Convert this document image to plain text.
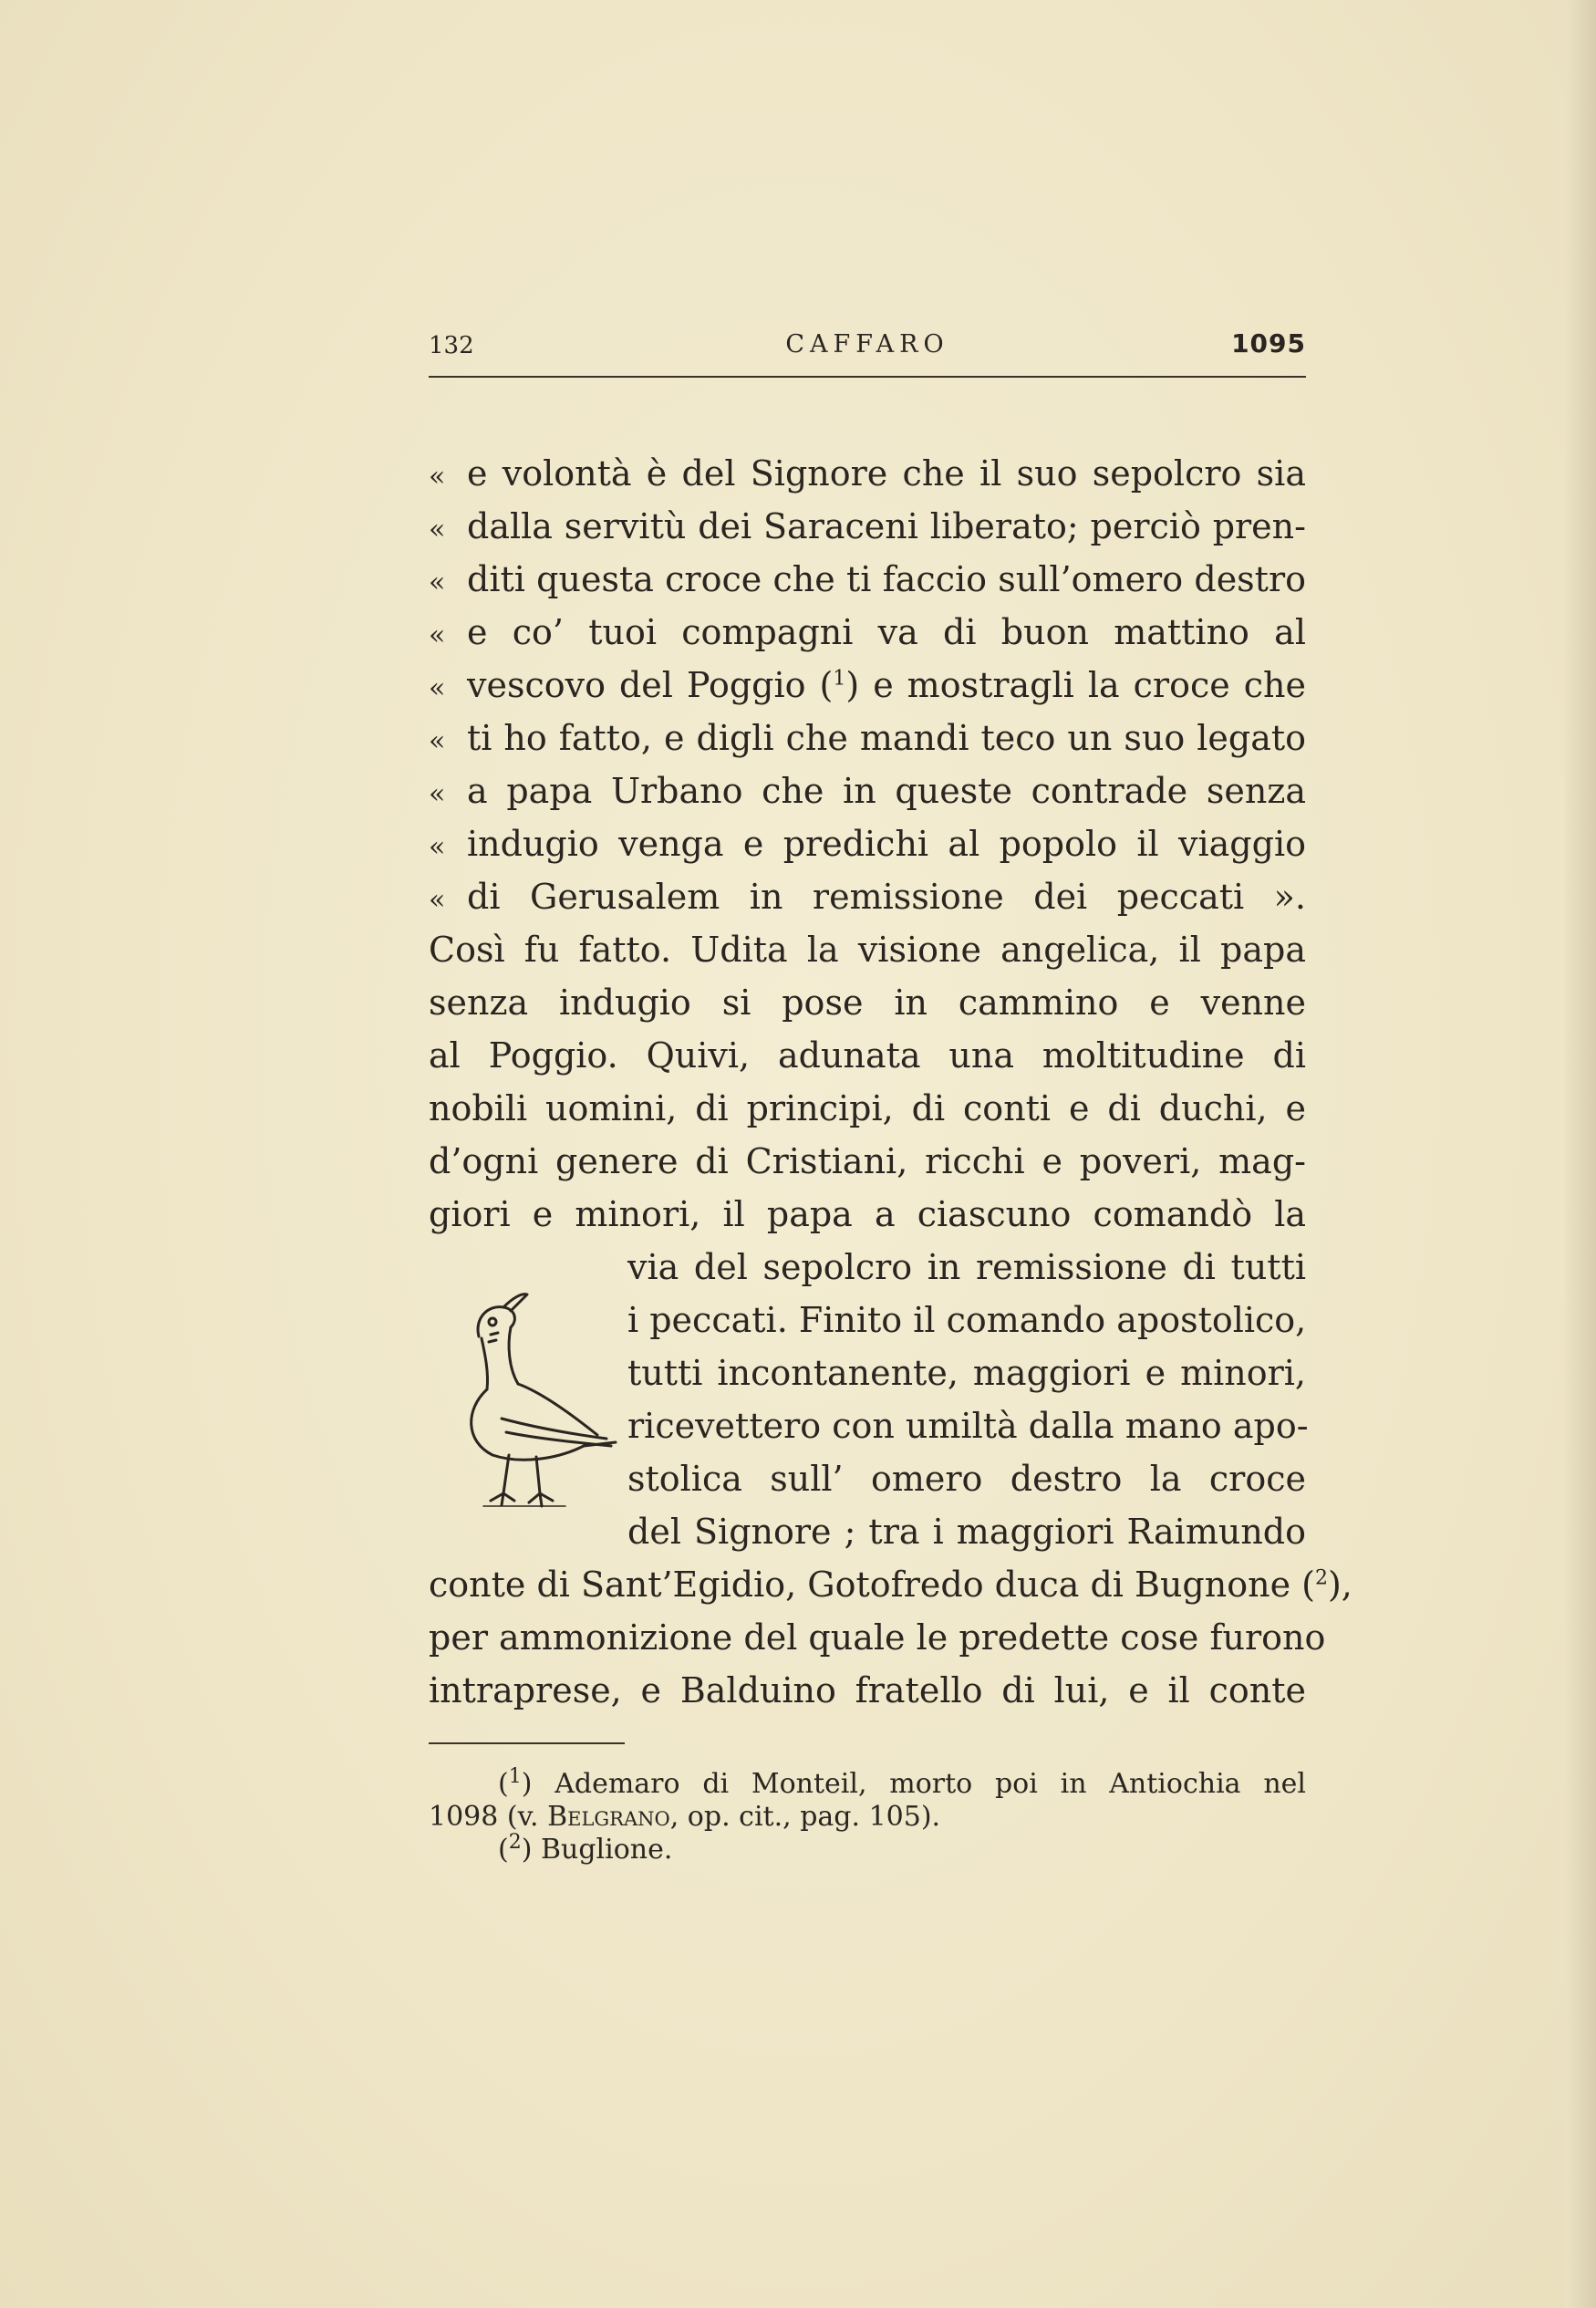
132	CAFFARO	1095
« e volontà è del Signore che il suo sepolcro sia
« dalla servitù dei Saraceni liberato; perciò pren-
« diti questa croce che ti faccio sull’omero destro
« e co’ tuoi compagni va di buon mattino al
« vescovo del Poggio ($^1$) e mostragli la croce che
« ti ho fatto, e digli che mandi teco un suo legato
« a papa Urbano che in queste contrade senza
« indugio venga e predichi al popolo il viaggio
« di Gerusalem in remissione dei peccati ».
Così fu fatto. Udita la visione angelica, il papa
senza indugio si pose in cammino e venne
al Poggio. Quivi, adunata una moltitudine di
nobili uomini, di principi, di conti e di duchi, e
d’ogni genere di Cristiani, ricchi e poveri, mag-
giori e minori, il papa a ciascuno comandò la
via del sepolcro in remissione di tutti
i peccati. Finito il comando apostolico,
tutti incontanente, maggiori e minori,
ricevettero con umiltà dalla mano apo-
stolica sull’ omero destro la croce
del Signore ; tra i maggiori Raimundo
conte di Sant’Egidio, Gotofredo duca di Bugnone ($^2$
per ammonizione del quale le predette cose furono
intraprese, e Balduino fratello di lui, e il conte
($^1$) Ademaro di Monteil, morto poi in Antiochia nel
1098 (v. Belgrano, op. cit., pag. 105).
($^2$) Buglione.
